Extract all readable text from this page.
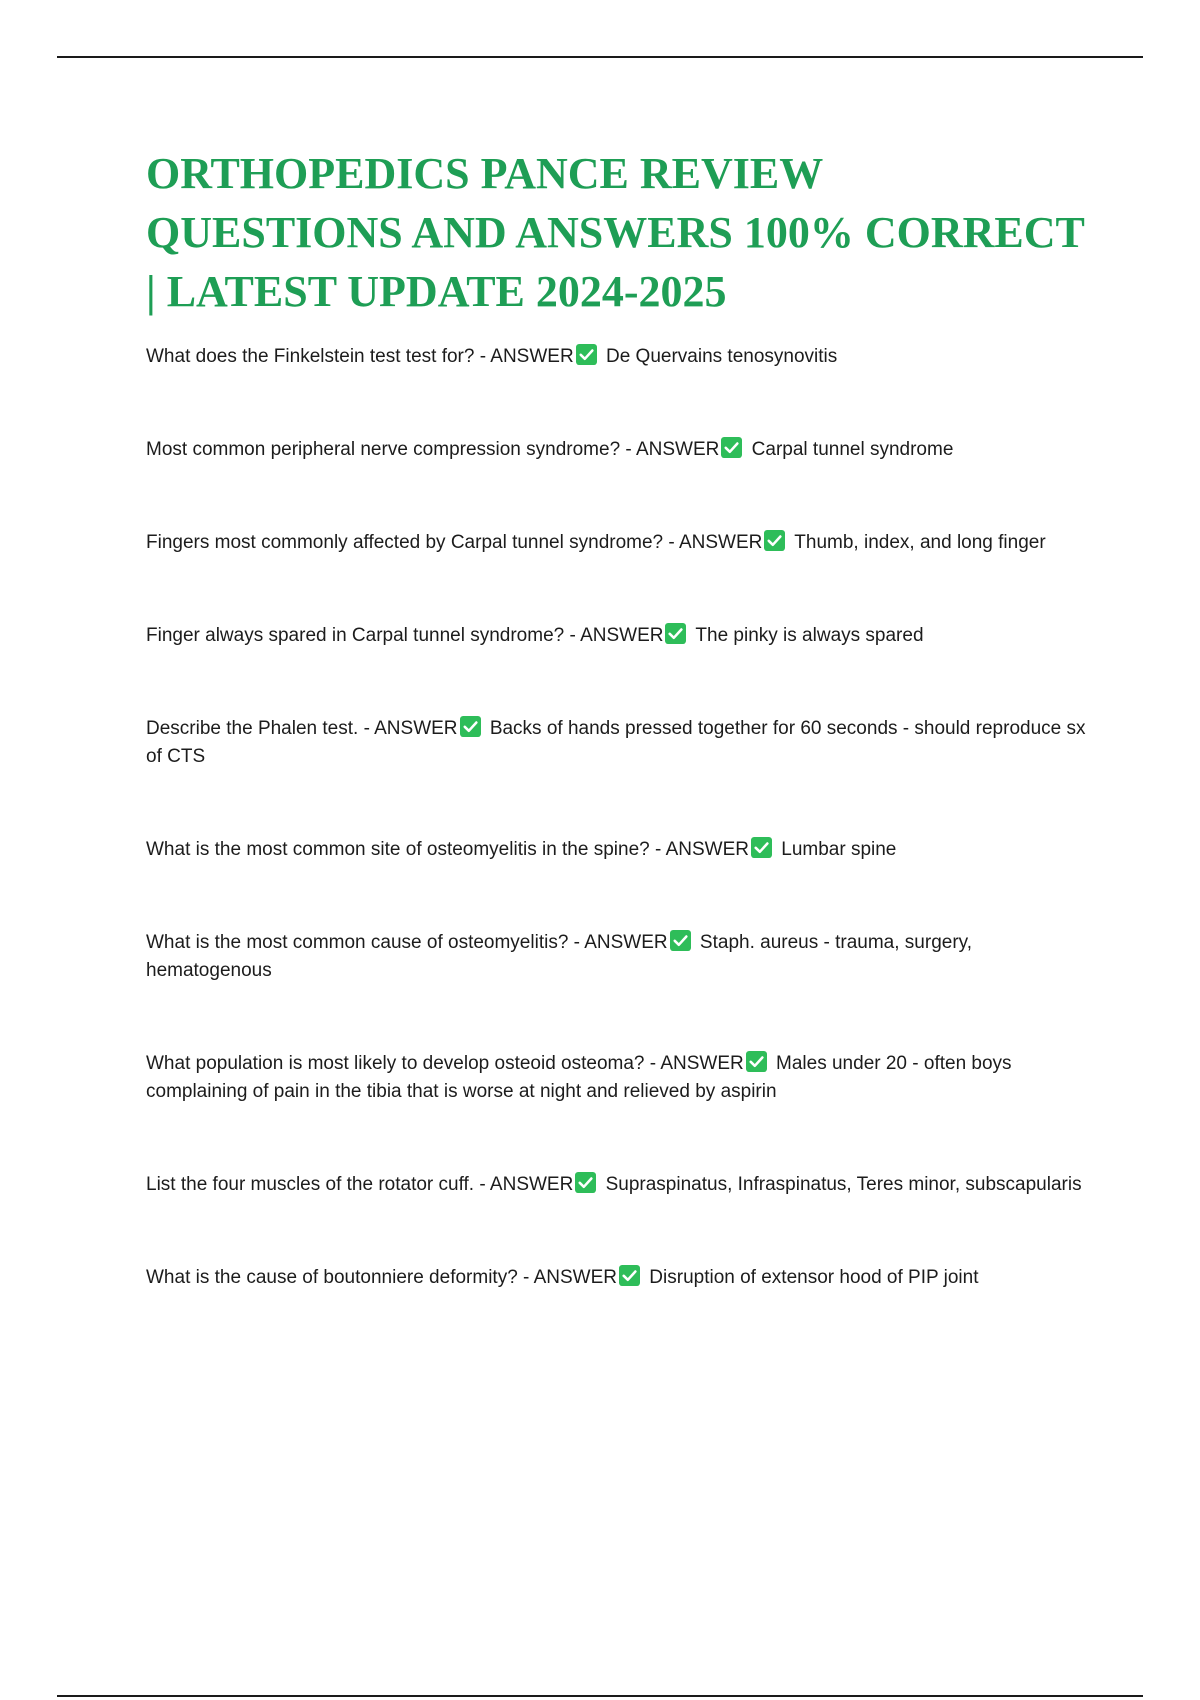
ORTHOPEDICS PANCE REVIEW QUESTIONS AND ANSWERS 100% CORRECT | LATEST UPDATE 2024-2025
What does the Finkelstein test test for? - ANSWER De Quervains tenosynovitis
Most common peripheral nerve compression syndrome? - ANSWER Carpal tunnel syndrome
Fingers most commonly affected by Carpal tunnel syndrome? - ANSWER Thumb, index, and long finger
Finger always spared in Carpal tunnel syndrome? - ANSWER The pinky is always spared
Describe the Phalen test. - ANSWER Backs of hands pressed together for 60 seconds - should reproduce sx of CTS
What is the most common site of osteomyelitis in the spine? - ANSWER Lumbar spine
What is the most common cause of osteomyelitis? - ANSWER Staph. aureus - trauma, surgery, hematogenous
What population is most likely to develop osteoid osteoma? - ANSWER Males under 20 - often boys complaining of pain in the tibia that is worse at night and relieved by aspirin
List the four muscles of the rotator cuff. - ANSWER Supraspinatus, Infraspinatus, Teres minor, subscapularis
What is the cause of boutonniere deformity? - ANSWER Disruption of extensor hood of PIP joint
